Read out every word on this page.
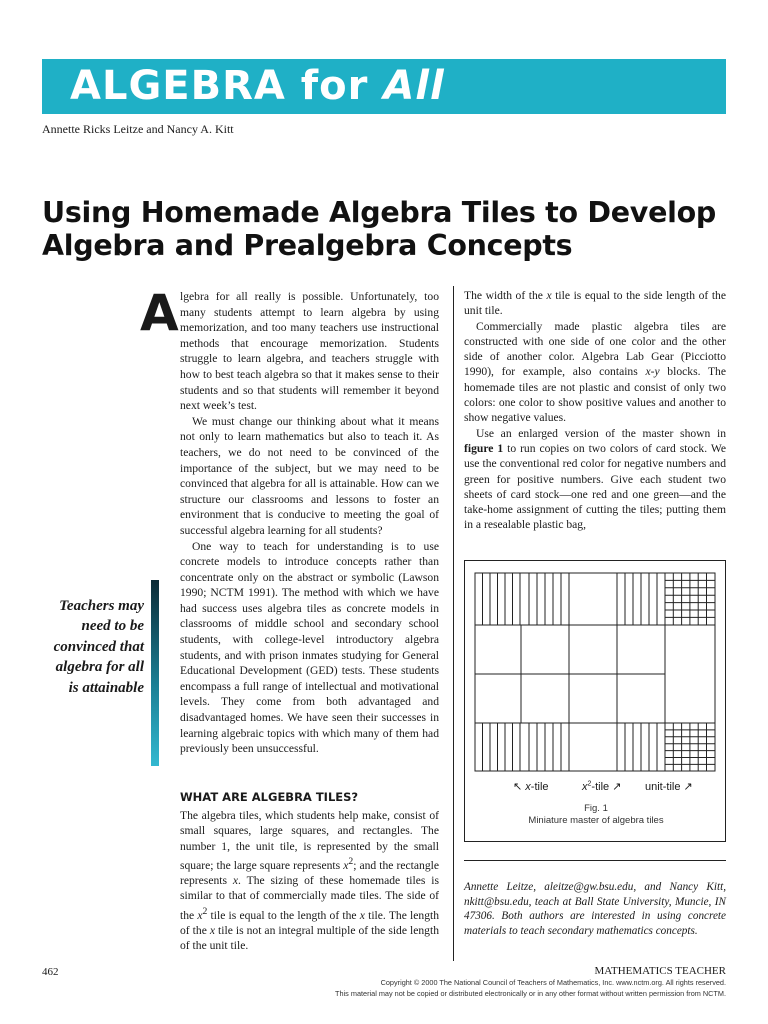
ALGEBRA for All
Annette Ricks Leitze and Nancy A. Kitt
Using Homemade Algebra Tiles to Develop Algebra and Prealgebra Concepts

Algebra for all really is possible. Unfortunately, too many students attempt to learn algebra by using memorization, and too many teachers use instructional methods that encourage memorization. Students struggle to learn algebra, and teachers struggle with how to best teach algebra so that it makes sense to their students and so that students will remember it beyond next week’s test.

We must change our thinking about what it means not only to learn mathematics but also to teach it. As teachers, we do not need to be convinced of the importance of the subject, but we may need to be convinced that algebra for all is attainable. How can we structure our classrooms and lessons to foster an environment that is conducive to meeting the goal of successful algebra learning for all students?

One way to teach for understanding is to use concrete models to introduce concepts rather than concentrate only on the abstract or symbolic (Lawson 1990; NCTM 1991). The method with which we have had success uses algebra tiles as concrete models in classrooms of middle school and secondary school students, with college-level introductory algebra students, and with prison inmates studying for General Educational Development (GED) tests. These students encompass a full range of intellectual and motivational levels. They come from both advantaged and disadvantaged homes. We have seen their successes in learning algebraic topics with which many of them had previously been unsuccessful.

WHAT ARE ALGEBRA TILES?

The algebra tiles, which students help make, consist of small squares, large squares, and rectangles. The number 1, the unit tile, is represented by the small square; the large square represents $x^2$; and the rectangle represents x. The sizing of these homemade tiles is similar to that of commercially made tiles. The side of the $x^2$ tile is equal to the length of the x tile. The length of the x tile is not an integral multiple of the side length of the unit tile.

Teachers may need to be convinced that algebra for all is attainable

The width of the x tile is equal to the side length of the unit tile.

Commercially made plastic algebra tiles are constructed with one side of one color and the other side of another color. Algebra Lab Gear (Picciotto 1990), for example, also contains x-y blocks. The homemade tiles are not plastic and consist of only two colors: one color to show positive values and another to show negative values.

Use an enlarged version of the master shown in figure 1 to run copies on two colors of card stock. We use the conventional red color for negative numbers and green for positive numbers. Give each student two sheets of card stock—one red and one green—and the take-home assignment of cutting the tiles; putting them in a resealable plastic bag,

↖ x-tile	$x^2$-tile ↗ unit-tile ↗
Fig. 1
Miniature master of algebra tiles
Annette Leitze, aleitze@gw.bsu.edu, and Nancy Kitt, nkitt@bsu.edu, teach at Ball State University, Muncie, IN 47306. Both authors are interested in using concrete materials to teach secondary mathematics concepts.
462	MATHEMATICS TEACHER
Copyright © 2000 The National Council of Teachers of Mathematics, Inc. www.nctm.org. All rights reserved.
This material may not be copied or distributed electronically or in any other format without written permission from NCTM.
